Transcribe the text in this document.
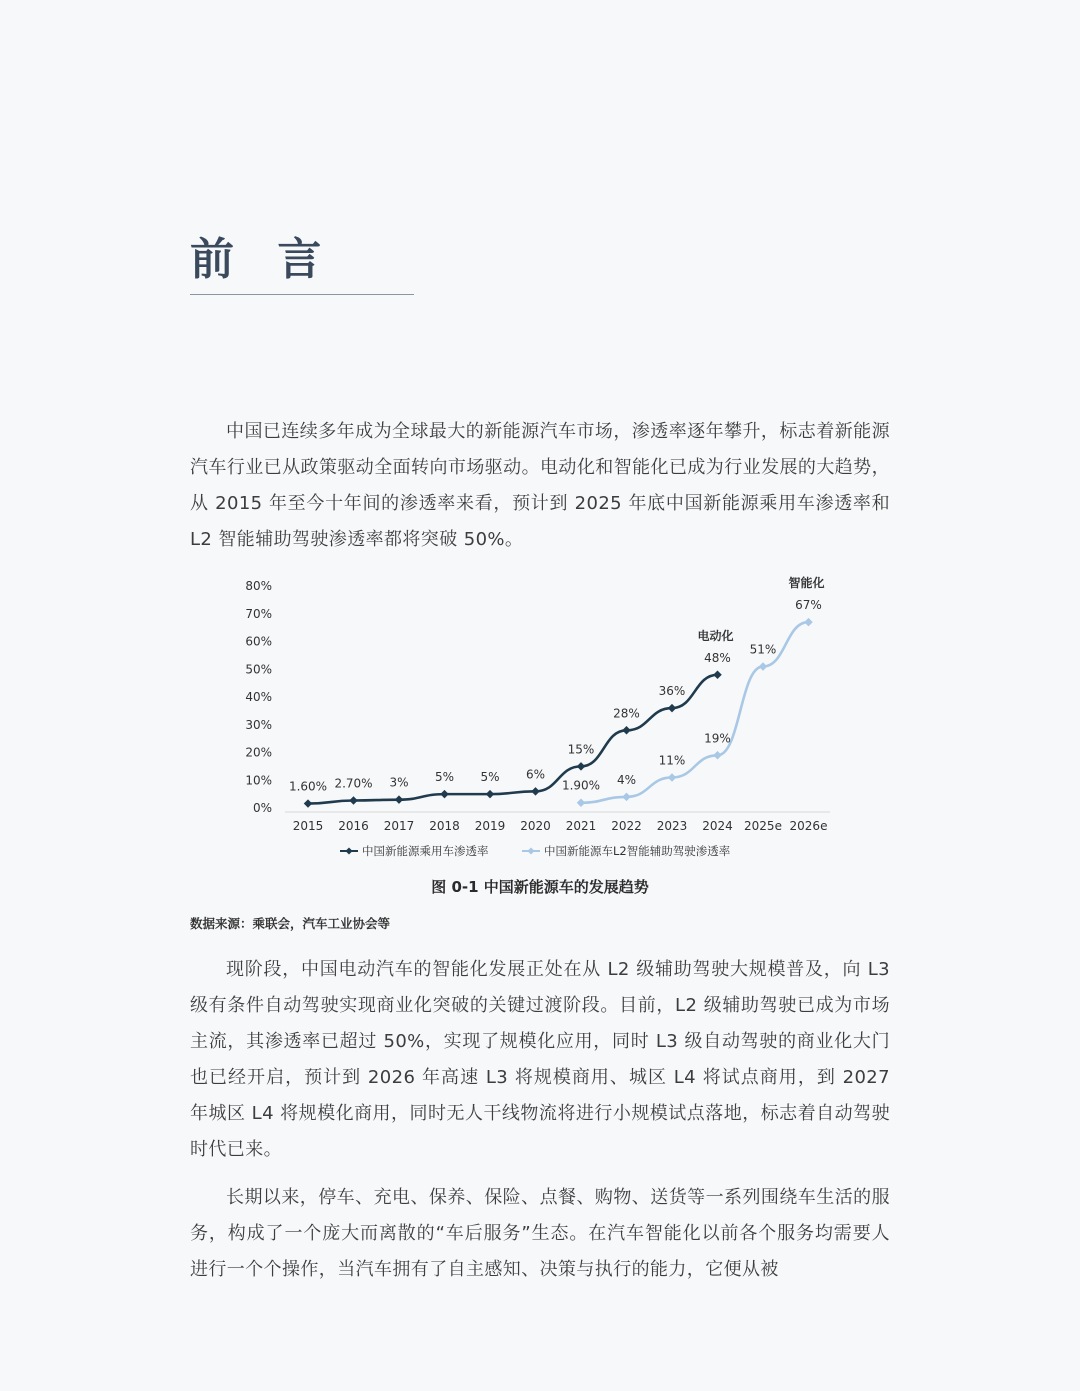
前 言

中国已连续多年成为全球最大的新能源汽车市场，渗透率逐年攀升，标志着新能源汽车行业已从政策驱动全面转向市场驱动。电动化和智能化已成为行业发展的大趋势，从 2015 年至今十年间的渗透率来看，预计到 2025 年底中国新能源乘用车渗透率和 L2 智能辅助驾驶渗透率都将突破 50%。

0%
10%
20%
30%
40%
50%
60%
70%
80%
2015 2016 2017 2018 2019 2020 2021 2022 2023 2024 2025e 2026e
1.60% 2.70% 3% 5% 5% 6%
15%
28%
36%
48%
1.90% 4%
11%
19%
51%
67%
电动化
智能化
中国新能源乘用车渗透率	中国新能源车L2智能辅助驾驶渗透率

图 0-1 中国新能源车的发展趋势

数据来源：乘联会，汽车工业协会等

现阶段，中国电动汽车的智能化发展正处在从 L2 级辅助驾驶大规模普及，向 L3 级有条件自动驾驶实现商业化突破的关键过渡阶段。目前，L2 级辅助驾驶已成为市场主流，其渗透率已超过 50%，实现了规模化应用，同时 L3 级自动驾驶的商业化大门也已经开启，预计到 2026 年高速 L3 将规模商用、城区 L4 将试点商用，到 2027 年城区 L4 将规模化商用，同时无人干线物流将进行小规模试点落地，标志着自动驾驶时代已来。

长期以来，停车、充电、保养、保险、点餐、购物、送货等一系列围绕车生活的服务，构成了一个庞大而离散的“车后服务”生态。在汽车智能化以前各个服务均需要人进行一个个操作，当汽车拥有了自主感知、决策与执行的能力，它便从被
